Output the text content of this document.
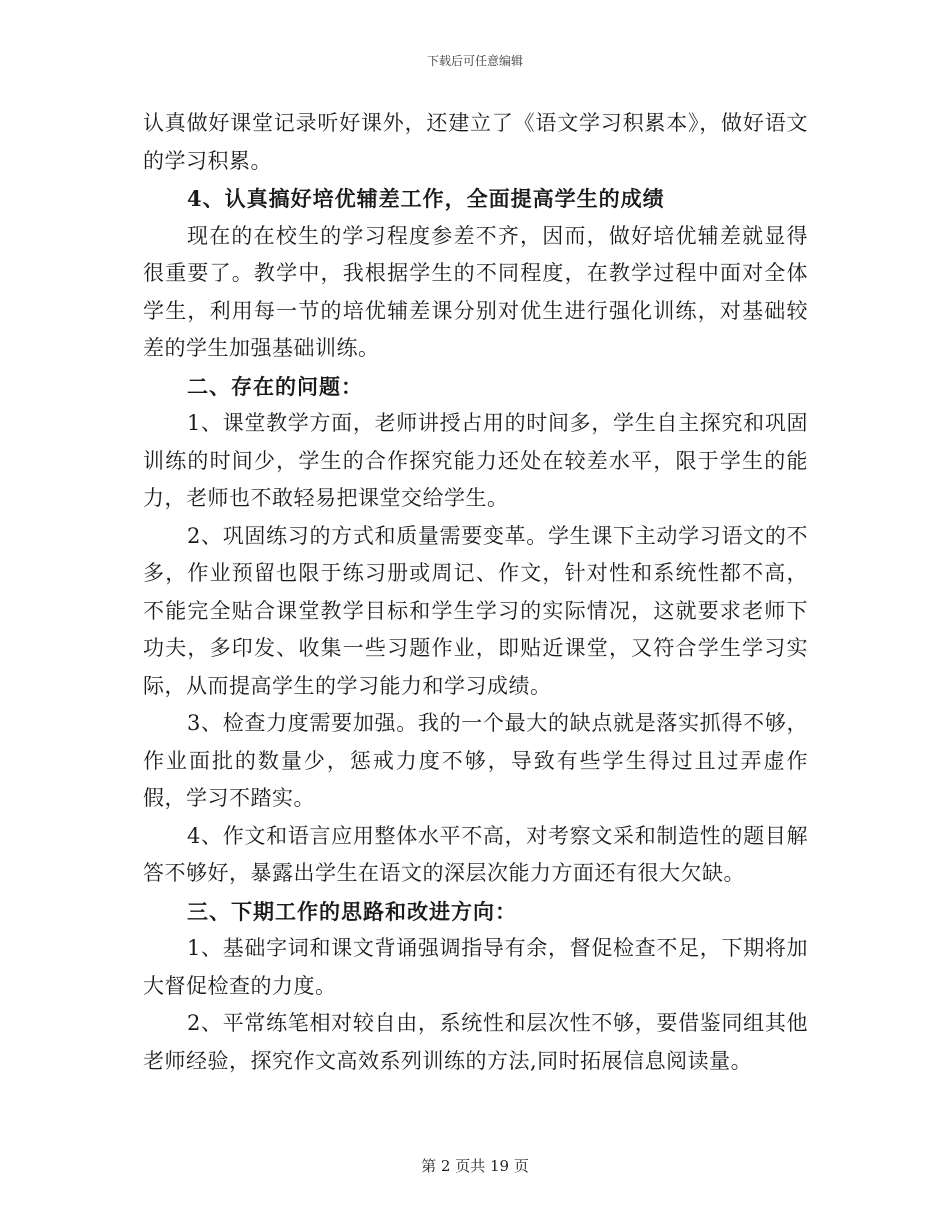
下载后可任意编辑

认真做好课堂记录听好课外，还建立了《语文学习积累本》，做好语文的学习积累。

4、认真搞好培优辅差工作，全面提高学生的成绩

现在的在校生的学习程度参差不齐，因而，做好培优辅差就显得很重要了。教学中，我根据学生的不同程度，在教学过程中面对全体学生，利用每一节的培优辅差课分别对优生进行强化训练，对基础较差的学生加强基础训练。

二、存在的问题：

1、课堂教学方面，老师讲授占用的时间多，学生自主探究和巩固训练的时间少，学生的合作探究能力还处在较差水平，限于学生的能力，老师也不敢轻易把课堂交给学生。

2、巩固练习的方式和质量需要变革。学生课下主动学习语文的不多，作业预留也限于练习册或周记、作文，针对性和系统性都不高，不能完全贴合课堂教学目标和学生学习的实际情况，这就要求老师下功夫，多印发、收集一些习题作业，即贴近课堂，又符合学生学习实际，从而提高学生的学习能力和学习成绩。

3、检查力度需要加强。我的一个最大的缺点就是落实抓得不够，作业面批的数量少，惩戒力度不够，导致有些学生得过且过弄虚作假，学习不踏实。

4、作文和语言应用整体水平不高，对考察文采和制造性的题目解答不够好，暴露出学生在语文的深层次能力方面还有很大欠缺。

三、下期工作的思路和改进方向：

1、基础字词和课文背诵强调指导有余，督促检查不足，下期将加大督促检查的力度。

2、平常练笔相对较自由，系统性和层次性不够，要借鉴同组其他老师经验，探究作文高效系列训练的方法,同时拓展信息阅读量。

第 2 页共 19 页
